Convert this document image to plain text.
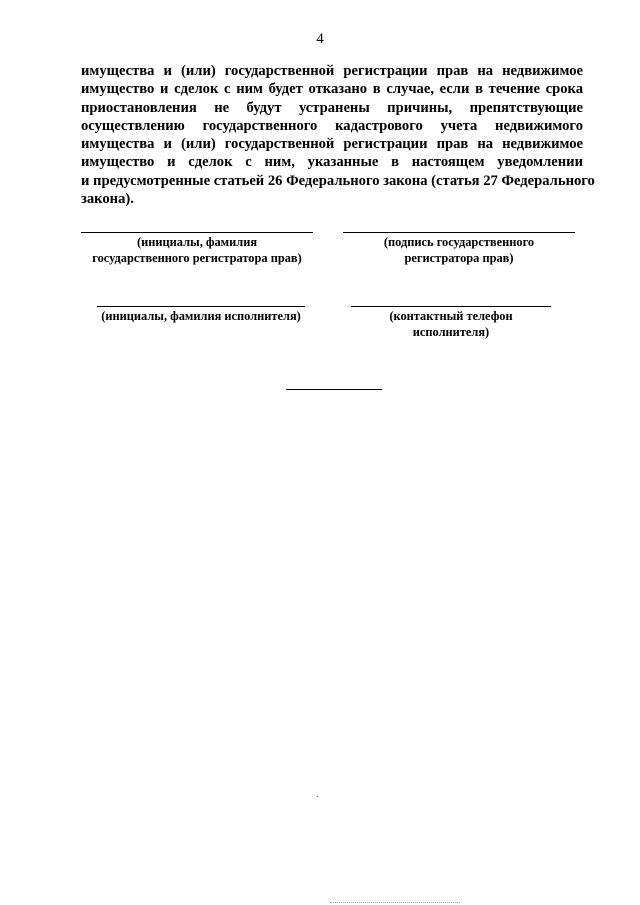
4
имущества и (или) государственной регистрации прав на недвижимое
имущество и сделок с ним будет отказано в случае, если в течение срока
приостановления не будут устранены причины, препятствующие
осуществлению государственного кадастрового учета недвижимого
имущества и (или) государственной регистрации прав на недвижимое
имущество и сделок с ним, указанные в настоящем уведомлении
и предусмотренные статьей 26 Федерального закона (статья 27 Федерального
закона).
(инициалы, фамилия государственного регистратора прав)
(подпись государственного регистратора прав)
(инициалы, фамилия исполнителя)	(контактный телефон исполнителя)
